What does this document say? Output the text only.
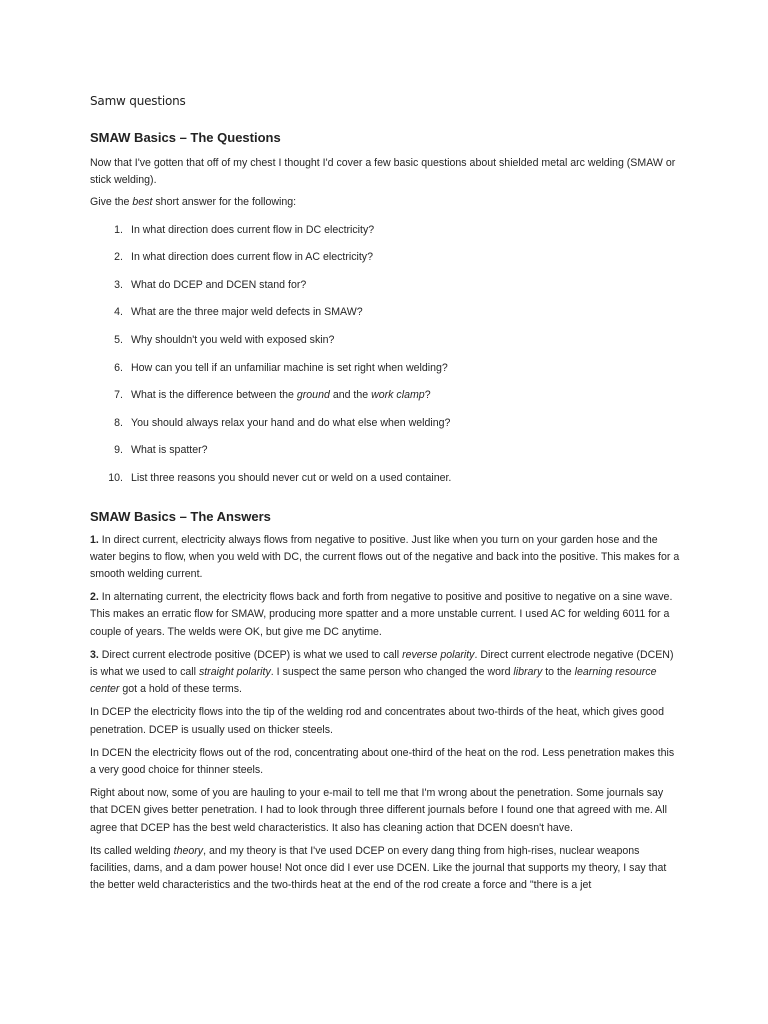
Samw questions
SMAW Basics – The Questions

Now that I've gotten that off of my chest I thought I'd cover a few basic questions about shielded metal arc welding (SMAW or stick welding).

Give the best short answer for the following:

1. In what direction does current flow in DC electricity?
2. In what direction does current flow in AC electricity?
3. What do DCEP and DCEN stand for?
4. What are the three major weld defects in SMAW?
5. Why shouldn't you weld with exposed skin?
6. How can you tell if an unfamiliar machine is set right when welding?
7. What is the difference between the ground and the work clamp?
8. You should always relax your hand and do what else when welding?
9. What is spatter?
10. List three reasons you should never cut or weld on a used container.
SMAW Basics – The Answers

1. In direct current, electricity always flows from negative to positive. Just like when you turn on your garden hose and the water begins to flow, when you weld with DC, the current flows out of the negative and back into the positive. This makes for a smooth welding current.

2. In alternating current, the electricity flows back and forth from negative to positive and positive to negative on a sine wave. This makes an erratic flow for SMAW, producing more spatter and a more unstable current. I used AC for welding 6011 for a couple of years. The welds were OK, but give me DC anytime.

3. Direct current electrode positive (DCEP) is what we used to call reverse polarity. Direct current electrode negative (DCEN) is what we used to call straight polarity. I suspect the same person who changed the word library to the learning resource center got a hold of these terms.

In DCEP the electricity flows into the tip of the welding rod and concentrates about two-thirds of the heat, which gives good penetration. DCEP is usually used on thicker steels.

In DCEN the electricity flows out of the rod, concentrating about one-third of the heat on the rod. Less penetration makes this a very good choice for thinner steels.

Right about now, some of you are hauling to your e-mail to tell me that I'm wrong about the penetration. Some journals say that DCEN gives better penetration. I had to look through three different journals before I found one that agreed with me. All agree that DCEP has the best weld characteristics. It also has cleaning action that DCEN doesn't have.

Its called welding theory, and my theory is that I've used DCEP on every dang thing from high-rises, nuclear weapons facilities, dams, and a dam power house! Not once did I ever use DCEN. Like the journal that supports my theory, I say that the better weld characteristics and the two-thirds heat at the end of the rod create a force and "there is a jet
